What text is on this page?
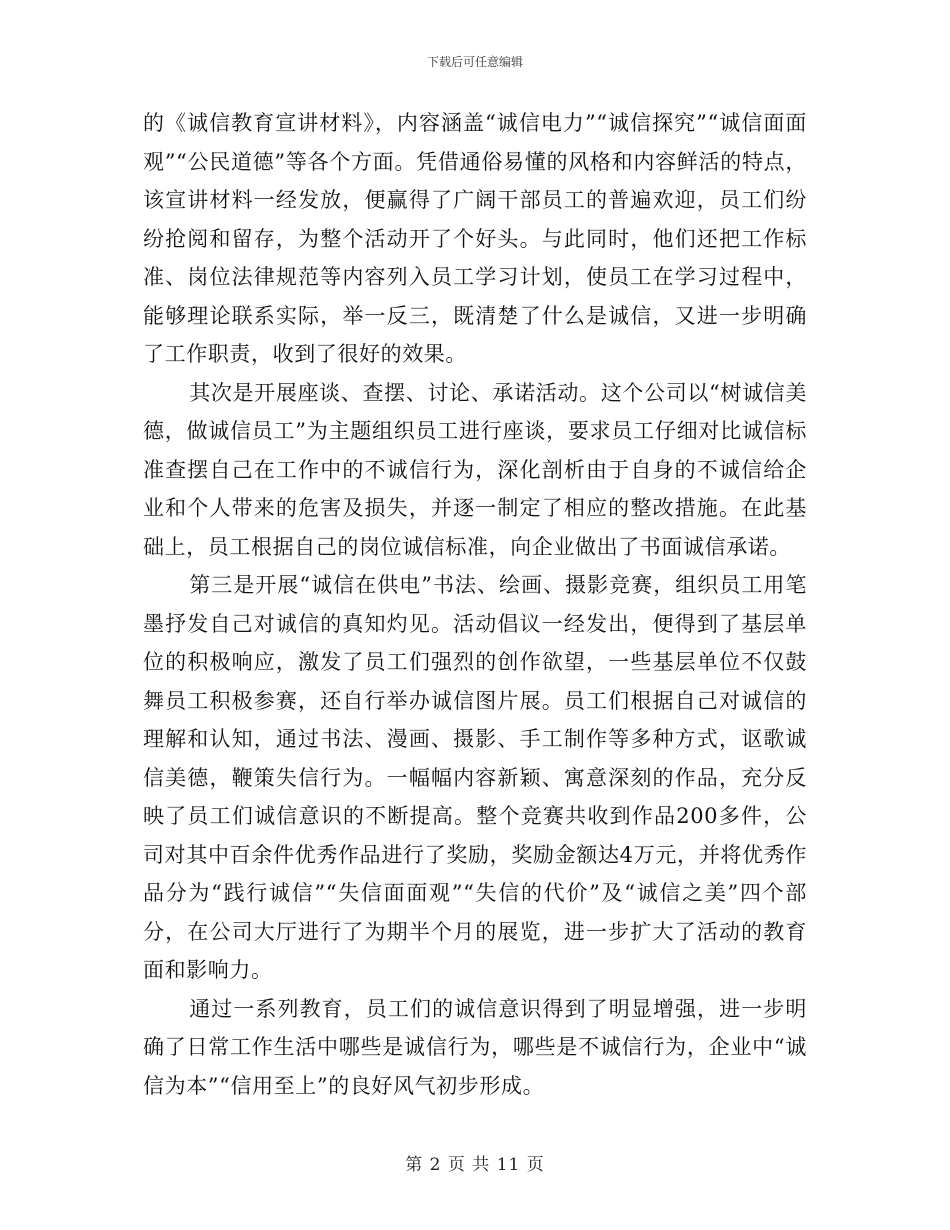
下载后可任意编辑

的《诚信教育宣讲材料》，内容涵盖“诚信电力”“诚信探究”“诚信面面观”“公民道德”等各个方面。凭借通俗易懂的风格和内容鲜活的特点，该宣讲材料一经发放，便赢得了广阔干部员工的普遍欢迎，员工们纷纷抢阅和留存，为整个活动开了个好头。与此同时，他们还把工作标准、岗位法律规范等内容列入员工学习计划，使员工在学习过程中，能够理论联系实际，举一反三，既清楚了什么是诚信，又进一步明确了工作职责，收到了很好的效果。

其次是开展座谈、查摆、讨论、承诺活动。这个公司以“树诚信美德，做诚信员工”为主题组织员工进行座谈，要求员工仔细对比诚信标准查摆自己在工作中的不诚信行为，深化剖析由于自身的不诚信给企业和个人带来的危害及损失，并逐一制定了相应的整改措施。在此基础上，员工根据自己的岗位诚信标准，向企业做出了书面诚信承诺。

第三是开展“诚信在供电”书法、绘画、摄影竞赛，组织员工用笔墨抒发自己对诚信的真知灼见。活动倡议一经发出，便得到了基层单位的积极响应，激发了员工们强烈的创作欲望，一些基层单位不仅鼓舞员工积极参赛，还自行举办诚信图片展。员工们根据自己对诚信的理解和认知，通过书法、漫画、摄影、手工制作等多种方式，讴歌诚信美德，鞭策失信行为。一幅幅内容新颖、寓意深刻的作品，充分反映了员工们诚信意识的不断提高。整个竞赛共收到作品200多件，公司对其中百余件优秀作品进行了奖励，奖励金额达4万元，并将优秀作品分为“践行诚信”“失信面面观”“失信的代价”及“诚信之美”四个部分，在公司大厅进行了为期半个月的展览，进一步扩大了活动的教育面和影响力。

通过一系列教育，员工们的诚信意识得到了明显增强，进一步明确了日常工作生活中哪些是诚信行为，哪些是不诚信行为，企业中“诚信为本”“信用至上”的良好风气初步形成。

第 2 页 共 11 页
